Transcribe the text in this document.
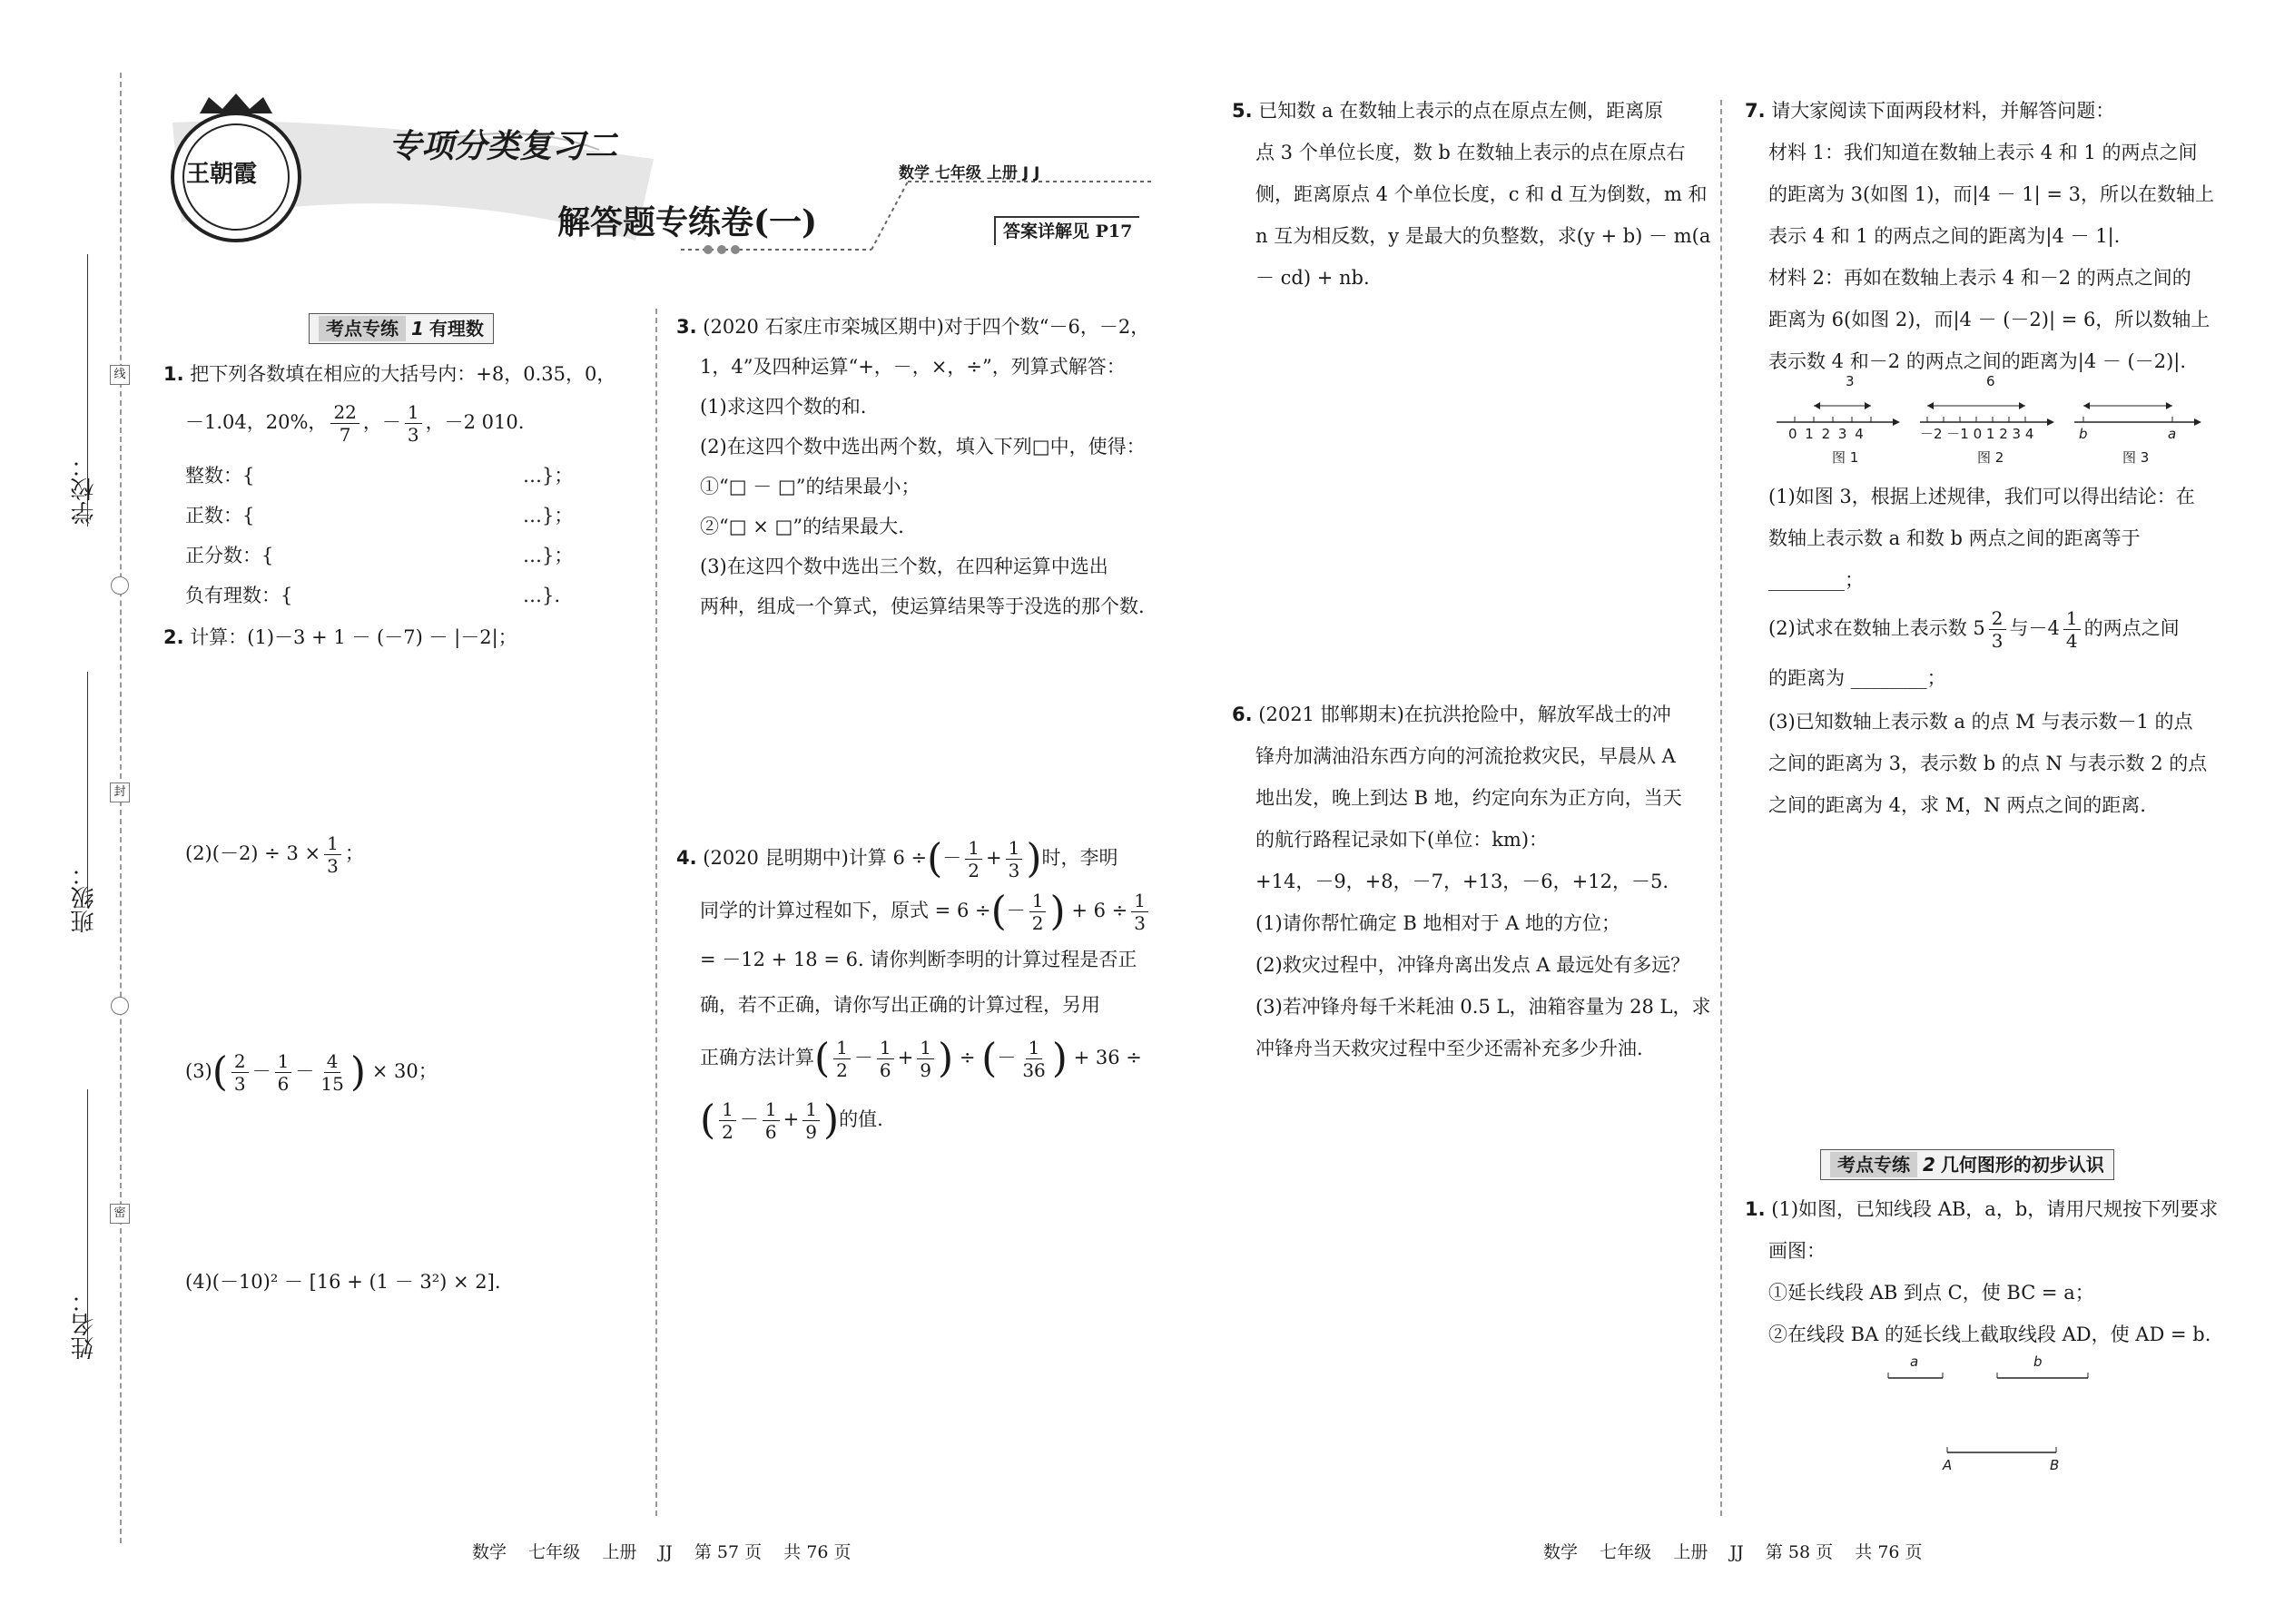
学校：
班级：
姓名：
线
封
密
王朝霞
专项分类复习二
解答题专练卷(一)
数学 七年级 上册 J J
答案详解见 P17
考点专练 1 有理数
1. 把下列各数填在相应的大括号内：+8，0.35，0，
－1.04，20%， $\frac{22}{7}$ ，－ $\frac{1}{3}$ ，－2 010.
整数：{	…}；
正数：{	…}；
正分数：{	…}；
负有理数：{	…}.
2. 计算：(1)－3 + 1 － (－7) － |－2|；
$(2)(-2) \div 3 \times \frac{1}{3}$ ；
$(3)( \frac{2}{3} - \frac{1}{6} - \frac{4}{15}$ ) × 30；
(4)(－10)² － [16 + (1 － 3²) × 2].
3. (2020 石家庄市栾城区期中)对于四个数“－6，－2，
1，4”及四种运算“+，－，×，÷”，列算式解答：
(1)求这四个数的和.
(2)在这四个数中选出两个数，填入下列□中，使得：
①“□ － □”的结果最小；
②“□ × □”的结果最大.
(3)在这四个数中选出三个数，在四种运算中选出
两种，组成一个算式，使运算结果等于没选的那个数.
4. (2020 昆明期中)计算 6 ÷(－ $\frac{1}{2} + \frac{1}{3}$ )时，李明
同学的计算过程如下，原式 = 6 ÷(－ $\frac{1}{2}$ ) + $6 \div \frac{1}{3}$
= －12 + 18 = 6. 请你判断李明的计算过程是否正
确，若不正确，请你写出正确的计算过程，另用
正确方法计算( $\frac{1}{2} - \frac{1}{6} + \frac{1}{9}$ ) ÷ (－ $\frac{1}{36}$ ) + 36 ÷
( $\frac{1}{2} - \frac{1}{6} + \frac{1}{9}$ )的值.
5. 已知数 a 在数轴上表示的点在原点左侧，距离原
点 3 个单位长度，数 b 在数轴上表示的点在原点右
侧，距离原点 4 个单位长度，c 和 d 互为倒数，m 和
n 互为相反数，y 是最大的负整数，求(y + b) － m(a
－ cd) + nb.
6. (2021 邯郸期末)在抗洪抢险中，解放军战士的冲
锋舟加满油沿东西方向的河流抢救灾民，早晨从 A
地出发，晚上到达 B 地，约定向东为正方向，当天
的航行路程记录如下(单位：km)：
+14，－9，+8，－7，+13，－6，+12，－5.
(1)请你帮忙确定 B 地相对于 A 地的方位；
(2)救灾过程中，冲锋舟离出发点 A 最远处有多远？
(3)若冲锋舟每千米耗油 0.5 L，油箱容量为 28 L，求
冲锋舟当天救灾过程中至少还需补充多少升油.
7. 请大家阅读下面两段材料，并解答问题：
材料 1：我们知道在数轴上表示 4 和 1 的两点之间
的距离为 3(如图 1)，而|4 － 1| = 3，所以在数轴上
表示 4 和 1 的两点之间的距离为|4 － 1|.
材料 2：再如在数轴上表示 4 和－2 的两点之间的
距离为 6(如图 2)，而|4 － (－2)| = 6，所以数轴上
表示数 4 和－2 的两点之间的距离为|4 － (－2)|.
3
0 1 2 3 4
图 1
6
－2 －1 0 1 2 3 4
图 2
b	a
图 3
(1)如图 3，根据上述规律，我们可以得出结论：在
数轴上表示数 a 和数 b 两点之间的距离等于
________；
(2)试求在数轴上表示数 $5 \frac{2}{3}$ 与$-4 \frac{1}{4}$ 的两点之间
的距离为 ________；
(3)已知数轴上表示数 a 的点 M 与表示数－1 的点
之间的距离为 3，表示数 b 的点 N 与表示数 2 的点
之间的距离为 4，求 M，N 两点之间的距离.
考点专练 2 几何图形的初步认识
1. (1)如图，已知线段 AB，a，b，请用尺规按下列要求
画图：
①延长线段 AB 到点 C，使 BC = a；
②在线段 BA 的延长线上截取线段 AD，使 AD = b.
a	b
A	B
数学    七年级    上册    JJ    第 57 页    共 76 页	数学    七年级    上册    JJ    第 58 页    共 76 页
